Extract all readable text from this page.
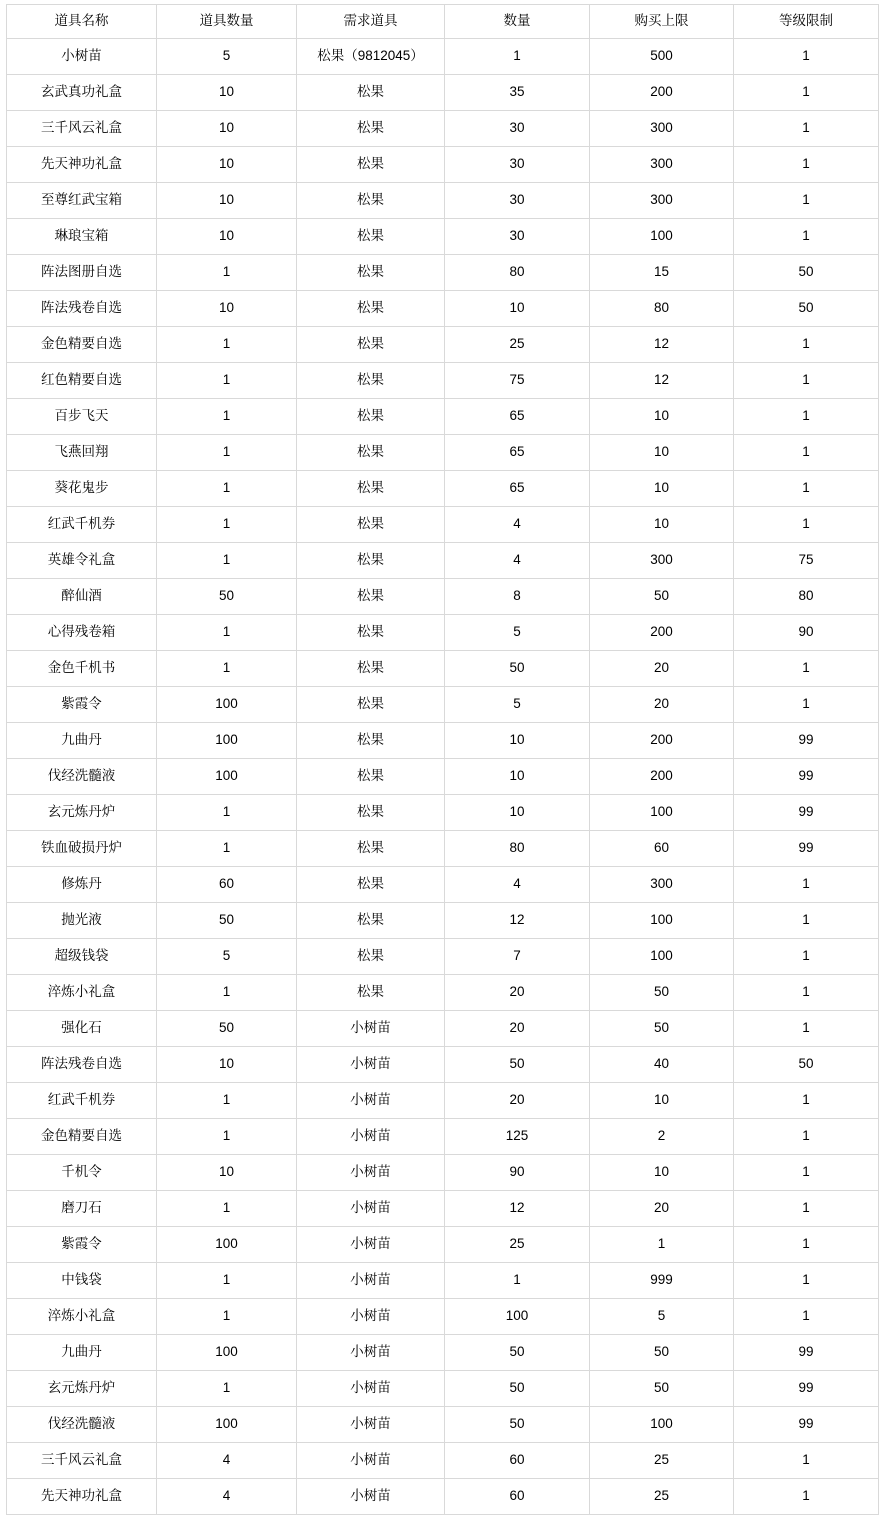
道具名称	道具数量	需求道具	数量	购买上限	等级限制
小树苗	5	松果（9812045）	1	500	1
玄武真功礼盒	10	松果	35	200	1
三千风云礼盒	10	松果	30	300	1
先天神功礼盒	10	松果	30	300	1
至尊红武宝箱	10	松果	30	300	1
琳琅宝箱	10	松果	30	100	1
阵法图册自选	1	松果	80	15	50
阵法残卷自选	10	松果	10	80	50
金色精要自选	1	松果	25	12	1
红色精要自选	1	松果	75	12	1
百步飞天	1	松果	65	10	1
飞燕回翔	1	松果	65	10	1
葵花鬼步	1	松果	65	10	1
红武千机券	1	松果	4	10	1
英雄令礼盒	1	松果	4	300	75
醉仙酒	50	松果	8	50	80
心得残卷箱	1	松果	5	200	90
金色千机书	1	松果	50	20	1
紫霞令	100	松果	5	20	1
九曲丹	100	松果	10	200	99
伐经洗髓液	100	松果	10	200	99
玄元炼丹炉	1	松果	10	100	99
铁血破损丹炉	1	松果	80	60	99
修炼丹	60	松果	4	300	1
抛光液	50	松果	12	100	1
超级钱袋	5	松果	7	100	1
淬炼小礼盒	1	松果	20	50	1
强化石	50	小树苗	20	50	1
阵法残卷自选	10	小树苗	50	40	50
红武千机券	1	小树苗	20	10	1
金色精要自选	1	小树苗	125	2	1
千机令	10	小树苗	90	10	1
磨刀石	1	小树苗	12	20	1
紫霞令	100	小树苗	25	1	1
中钱袋	1	小树苗	1	999	1
淬炼小礼盒	1	小树苗	100	5	1
九曲丹	100	小树苗	50	50	99
玄元炼丹炉	1	小树苗	50	50	99
伐经洗髓液	100	小树苗	50	100	99
三千风云礼盒	4	小树苗	60	25	1
先天神功礼盒	4	小树苗	60	25	1
